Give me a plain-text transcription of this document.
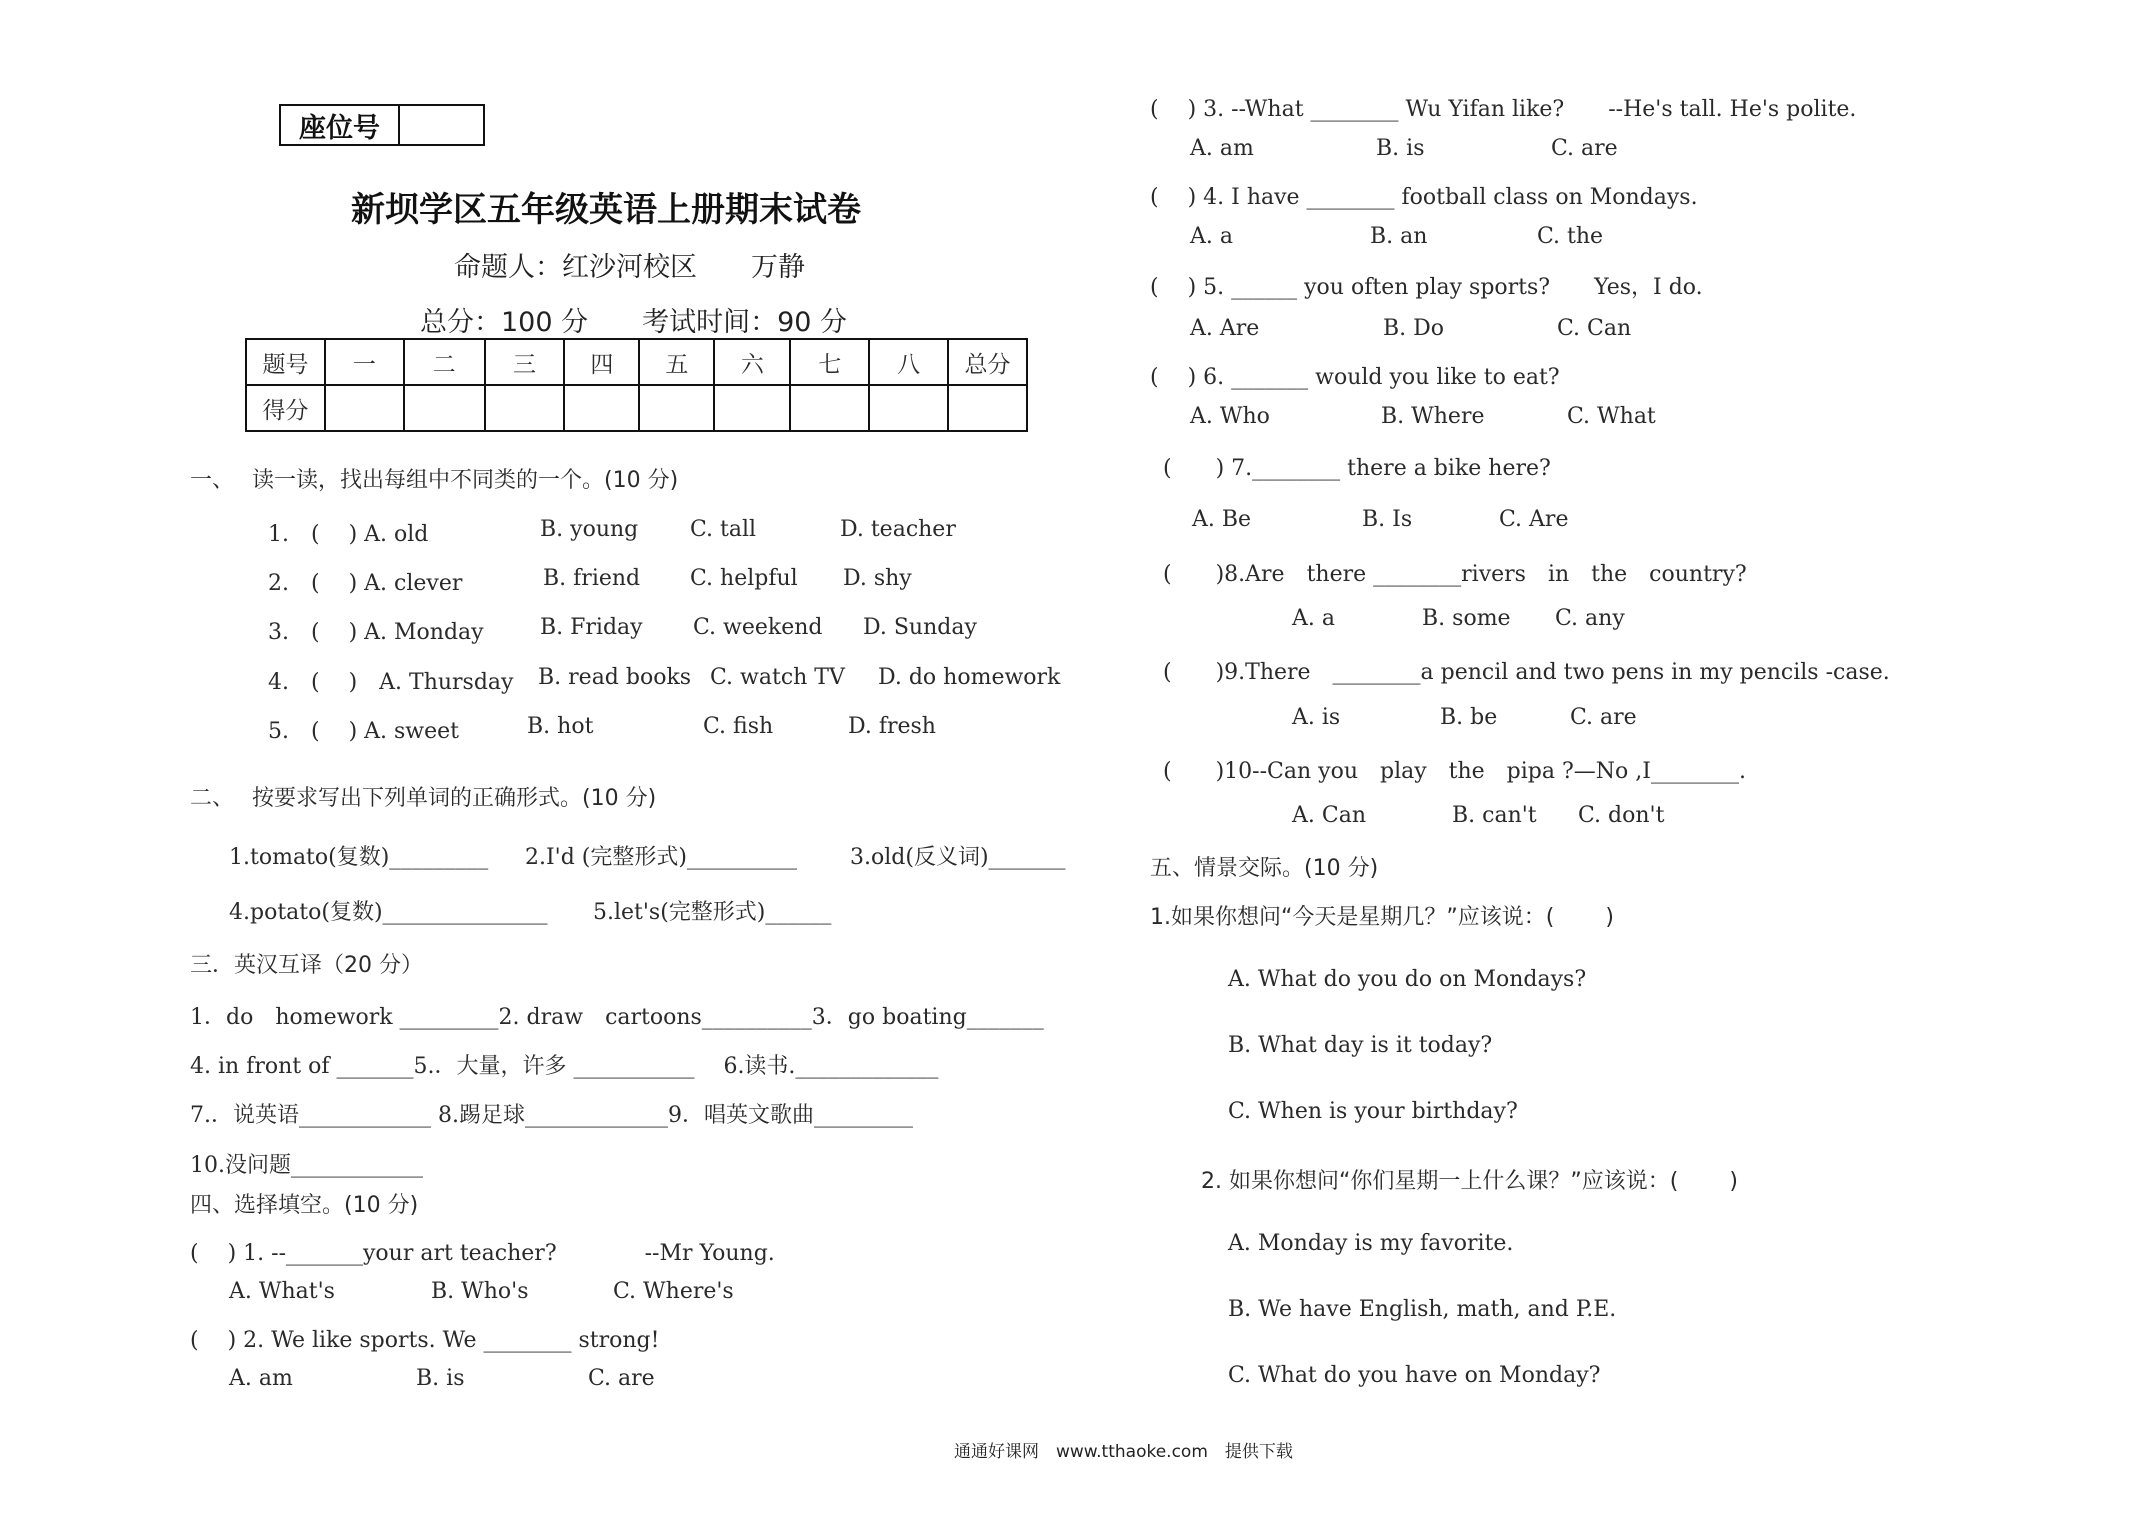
座位号
新坝学区五年级英语上册期末试卷
命题人：红沙河校区　　万静
总分：100 分　　考试时间：90 分
题号	一	二	三	四	五	六	七	八	总分
得分									
一、　 读一读，找出每组中不同类的一个。(10 分)
1.　(　 ) A. old	B. young C. tall	D. teacher
2.　(　 ) A. clever	B. friend C. helpful D. shy
3.　(　 ) A. Monday	B. Friday C. weekend D. Sunday
4.　(　 )　A. Thursday B. read books C. watch TV D. do homework
5.　(　 ) A. sweet	B. hot	C. fish	D. fresh
二、　 按要求写出下列单词的正确形式。(10 分)
1.tomato(复数)_________ 2.I'd (完整形式)__________ 3.old(反义词)_______
4.potato(复数)_______________ 5.let's(完整形式)______
三．英汉互译（20 分）
1．do　homework _________2. draw　cartoons__________3．go boating_______
4. in front of _______5.．大量，许多 ___________　 6.读书._____________
7.．说英语____________ 8.踢足球_____________9．唱英文歌曲_________
10.没问题____________
四、选择填空。(10 分)
( 　) 1. --_______your art teacher?　　　　--Mr Young.
A. What's	B. Who's	C. Where's
( 　) 2. We like sports. We ________ strong!
A. am	B. is	C. are
( 　) 3. --What ________ Wu Yifan like?　　--He's tall. He's polite.
A. am	B. is	C. are
( 　) 4. I have ________ football class on Mondays.
A. a	B. an	C. the
( 　) 5. ______ you often play sports?　　Yes，I do.
A. Are	B. Do	C. Can
( 　) 6. _______ would you like to eat?
A. Who	B. Where	C. What
(　　) 7.________ there a bike here?
A. Be	B. Is	C. Are
(　　)8.Are　there ________rivers　in　the　country?
A. a	B. some C. any
(　　)9.There　________a pencil and two pens in my pencils -case.
A. is	B. be	C. are
(　　)10--Can you　play　the　pipa ?—No ,I________.
A. Can	B. can't C. don't
五、情景交际。(10 分)
1.如果你想问“今天是星期几？”应该说：(　　 )
A. What do you do on Mondays?
B. What day is it today?
C. When is your birthday?
2. 如果你想问“你们星期一上什么课？”应该说：(　　 )
A. Monday is my favorite.
B. We have English, math, and P.E.
C. What do you have on Monday?
通通好课网　www.tthaoke.com　提供下载
